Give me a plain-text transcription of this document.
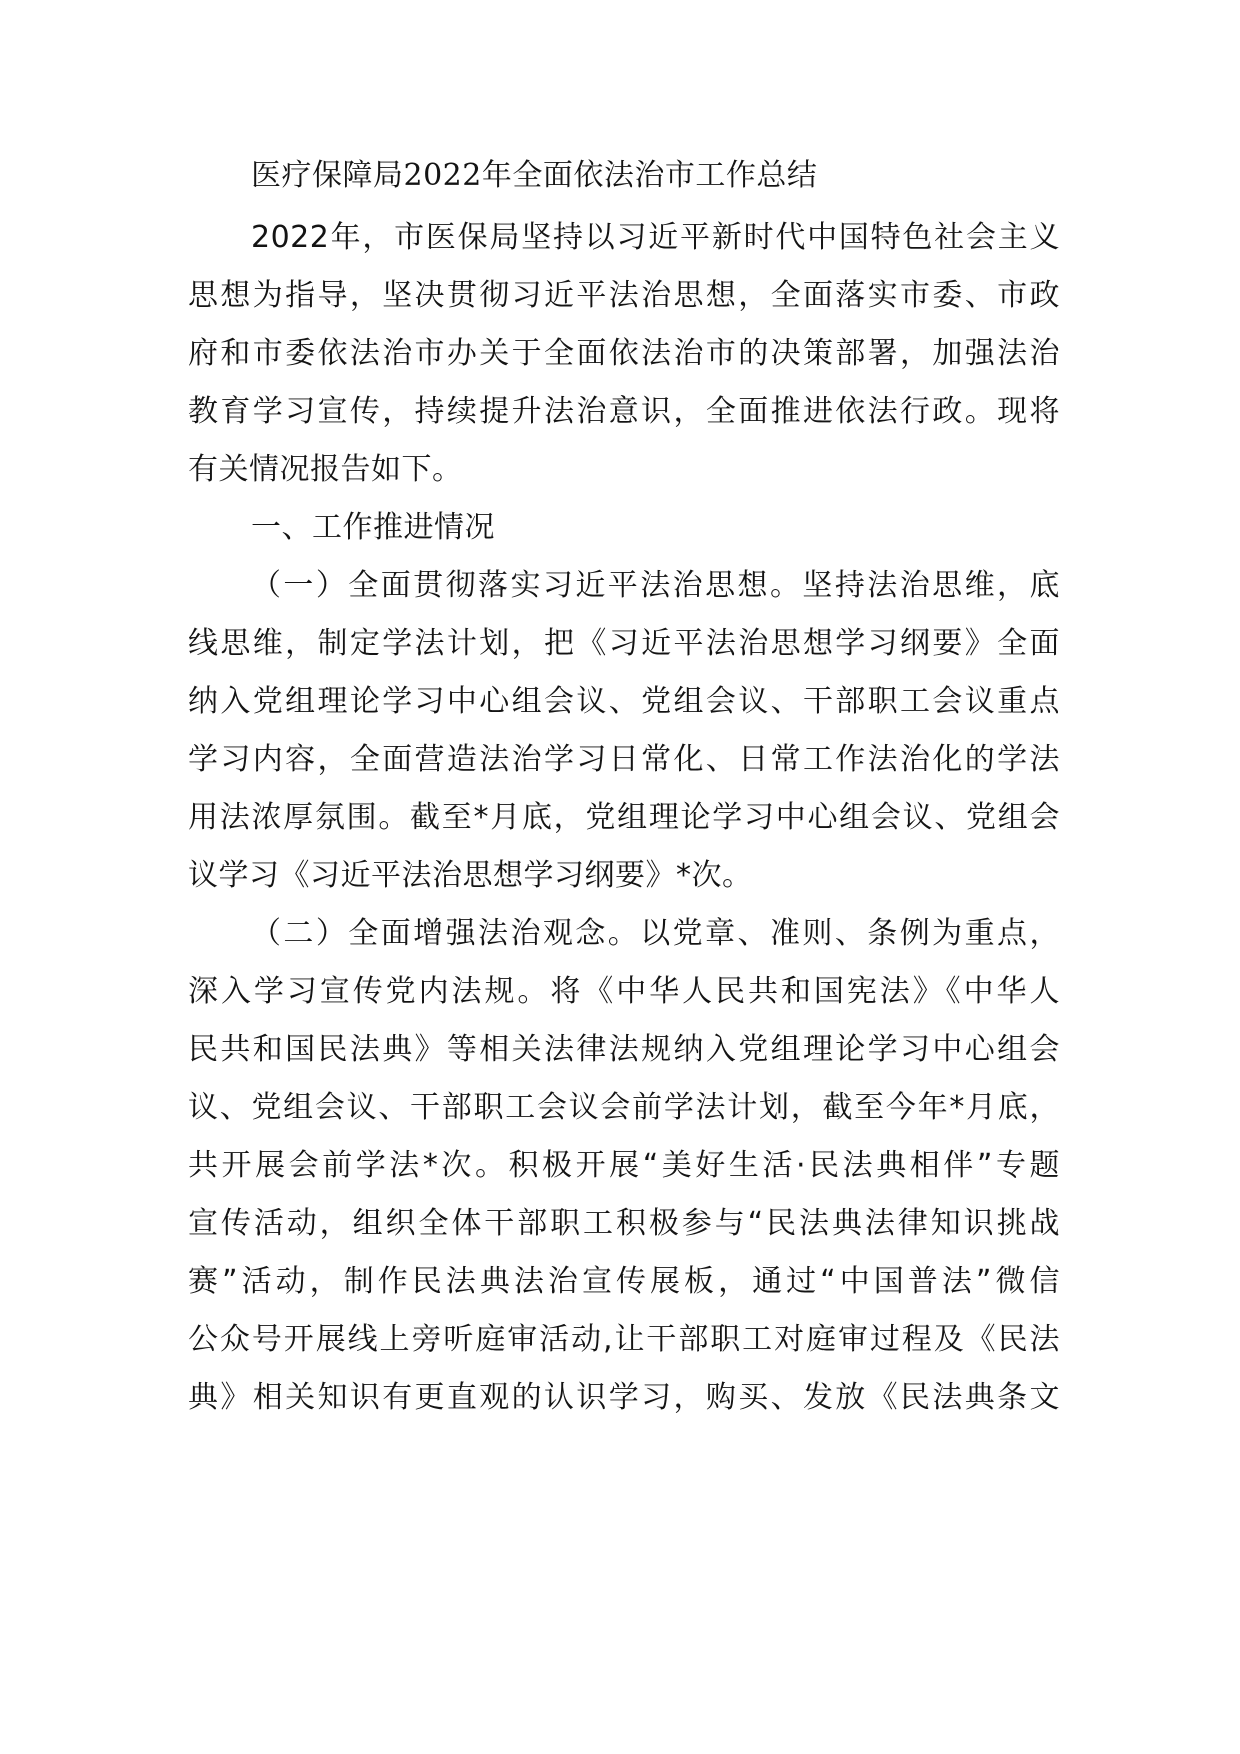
医疗保障局2022年全面依法治市工作总结
2022年，市医保局坚持以习近平新时代中国特色社会主义
思想为指导，坚决贯彻习近平法治思想，全面落实市委、市政
府和市委依法治市办关于全面依法治市的决策部署，加强法治
教育学习宣传，持续提升法治意识，全面推进依法行政。现将
有关情况报告如下。
一、工作推进情况
（一）全面贯彻落实习近平法治思想。坚持法治思维，底
线思维，制定学法计划，把《习近平法治思想学习纲要》全面
纳入党组理论学习中心组会议、党组会议、干部职工会议重点
学习内容，全面营造法治学习日常化、日常工作法治化的学法
用法浓厚氛围。截至*月底，党组理论学习中心组会议、党组会
议学习《习近平法治思想学习纲要》*次。
（二）全面增强法治观念。以党章、准则、条例为重点，
深入学习宣传党内法规。将《中华人民共和国宪法》《中华人
民共和国民法典》等相关法律法规纳入党组理论学习中心组会
议、党组会议、干部职工会议会前学法计划，截至今年*月底，
共开展会前学法*次。积极开展“美好生活·民法典相伴”专题
宣传活动，组织全体干部职工积极参与“民法典法律知识挑战
赛”活动，制作民法典法治宣传展板，通过“中国普法”微信
公众号开展线上旁听庭审活动,让干部职工对庭审过程及《民法
典》相关知识有更直观的认识学习，购买、发放《民法典条文
